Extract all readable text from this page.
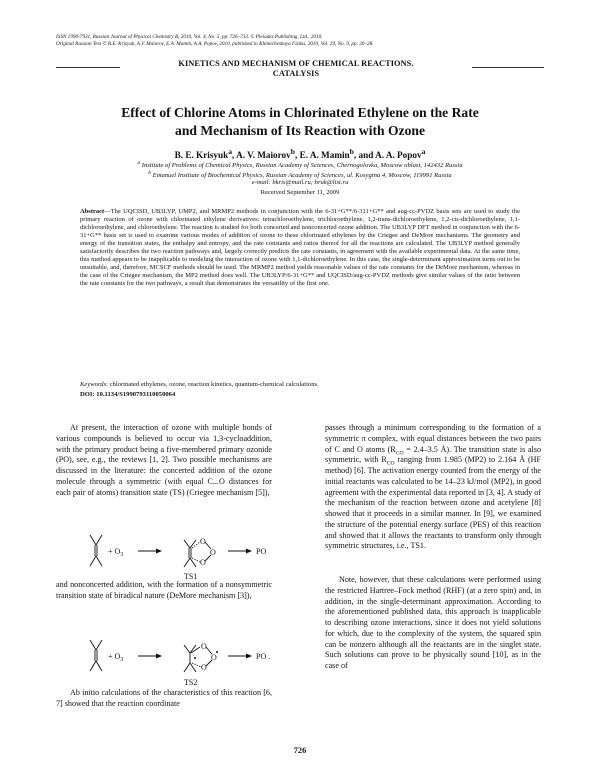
ISSN 1990-7931, Russian Journal of Physical Chemistry B, 2010, Vol. 4, No. 5, pp. 726–733. © Pleiades Publishing, Ltd., 2010.
Original Russian Text © B.E. Krisyuk, A.V. Maiorov, E.A. Mamin, A.A. Popov, 2010, published in Khimicheskaya Fizika, 2010, Vol. 29, No. 9, pp. 20–28.
KINETICS AND MECHANISM OF CHEMICAL REACTIONS.
CATALYSIS
Effect of Chlorine Atoms in Chlorinated Ethylene on the Rate
and Mechanism of Its Reaction with Ozone
B. E. Krisyuk$^a$, A. V. Maiorov$^b$, E. A. Mamin$^b$, and A. A. Popov$^a$
$^a$ Institute of Problems of Chemical Physics, Russian Academy of Sciences, Chernogolovka, Moscow oblast, 142432 Russia
$^b$ Emanuel Institute of Biochemical Physics, Russian Academy of Sciences, ul. Kosygina 4, Moscow, 119991 Russia
e-mail: bkris@mail.ru; hruk@list.ru
Received September 11, 2009
Abstract—The UQCISD, UB3LYP, UMP2, and MRMP2 methods in conjunction with the 6-31+G**/6-311+G** and aug-cc-PVDZ basis sets are used to study the primary reaction of ozone with chlorinated ethylene derivatives: tetrachloroethylene, trichloroethylene, 1,2-trans-dichloroethylene, 1,2-cis-dichloroethylene, 1,1-dichloroethylene, and chloroethylene. The reaction is studied for both concerted and nonconcerted ozone addition. The UB3LYP DFT method in conjunction with the 6-31+G** basis set is used to examine various modes of addition of ozone to these chlorinated ethylenes by the Criegee and DeMore mechanisms. The geometry and energy of the transition states, the enthalpy and entropy, and the rate constants and ratios thereof for all the reactions are calculated. The UB3LYP method generally satisfactorily describes the two reaction pathways and, largely correctly predicts the rate constants, in agreement with the available experimental data. At the same time, this method appears to be inapplicable to modeling the interaction of ozone with 1,1-dichloroethylene. In this case, the single-determinant approximation turns out to be unsuitable, and, therefore, MCSCF methods should be used. The MRMP2 method yields reasonable values of the rate constants for the DeMore mechanism, whereas in the case of the Criegee mechanism, the MP2 method does well. The UB3LYP/6-31+G** and UQCISD/aug-cc-PVDZ methods give similar values of the ratio between the rate constants for the two pathways, a result that demonstrates the versatility of the first one.
Keywords: chlorinated ethylenes, ozone, reaction kinetics, quantum-chemical calculations.
DOI: 10.1134/S1990793110050064
At present, the interaction of ozone with multiple bonds of various compounds is believed to occur via 1,3-cycloaddition, with the primary product being a five-membered primary ozonide (PO), see, e.g., the reviews [1, 2]. Two possible mechanisms are discussed in the literature: the concerted addition of the ozone molecule through a symmetric (with equal C...O distances for each pair of atoms) transition state (TS) (Criegee mechanism [5]),
+ $O_3$
O
O
O
PO
TS1
and nonconcerted addition, with the formation of a nonsymmetric transition state of biradical nature (DeMore mechanism [3]),
+ $O_3$
O
O
O
PO .
TS2
Ab initio calculations of the characteristics of this reaction [6, 7] showed that the reaction coordinate
passes through a minimum corresponding to the formation of a symmetric π complex, with equal distances between the two pairs of C and O atoms ($R_{CO} = 2.4-3.5$ Å). The transition state is also symmetric, with $R_{CO}$ ranging from 1.985 (MP2) to 2.164 Å (HF method) [6]. The activation energy counted from the energy of the initial reactants was calculated to be 14–23 kJ/mol (MP2), in good agreement with the experimental data reported in [3, 4]. A study of the mechanism of the reaction between ozone and acetylene [8] showed that it proceeds in a similar manner. In [9], we examined the structure of the potential energy surface (PES) of this reaction and showed that it allows the reactants to transform only through symmetric structures, i.e., TS1.
Note, however, that these calculations were performed using the restricted Hartree–Fock method (RHF) (at a zero spin) and, in addition, in the single-determinant approximation. According to the aforementioned published data, this approach is inapplicable to describing ozone interactions, since it does not yield solutions for which, due to the complexity of the system, the squared spin can be nonzero although all the reactants are in the singlet state. Such solutions can prove to be physically sound [10], as in the case of
726
